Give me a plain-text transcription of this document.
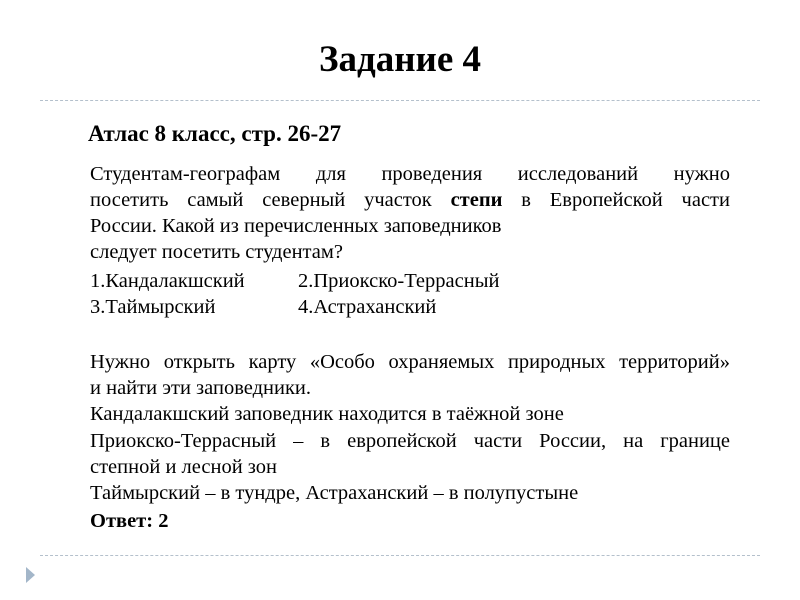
Задание 4
Атлас 8 класс, стр. 26-27
Студентам-географам для проведения исследований нужно
посетить самый северный участок степи в Европейской части
России. Какой из перечисленных заповедников
следует посетить студентам?
1.Кандалакшский	2.Приокско-Террасный
3.Таймырский	4.Астраханский
Нужно открыть карту «Особо охраняемых природных территорий»
и найти эти заповедники.
Кандалакшский заповедник находится в таёжной зоне
Приокско-Террасный – в европейской части России, на границе
степной и лесной зон
Таймырский – в тундре, Астраханский – в полупустыне
Ответ: 2
